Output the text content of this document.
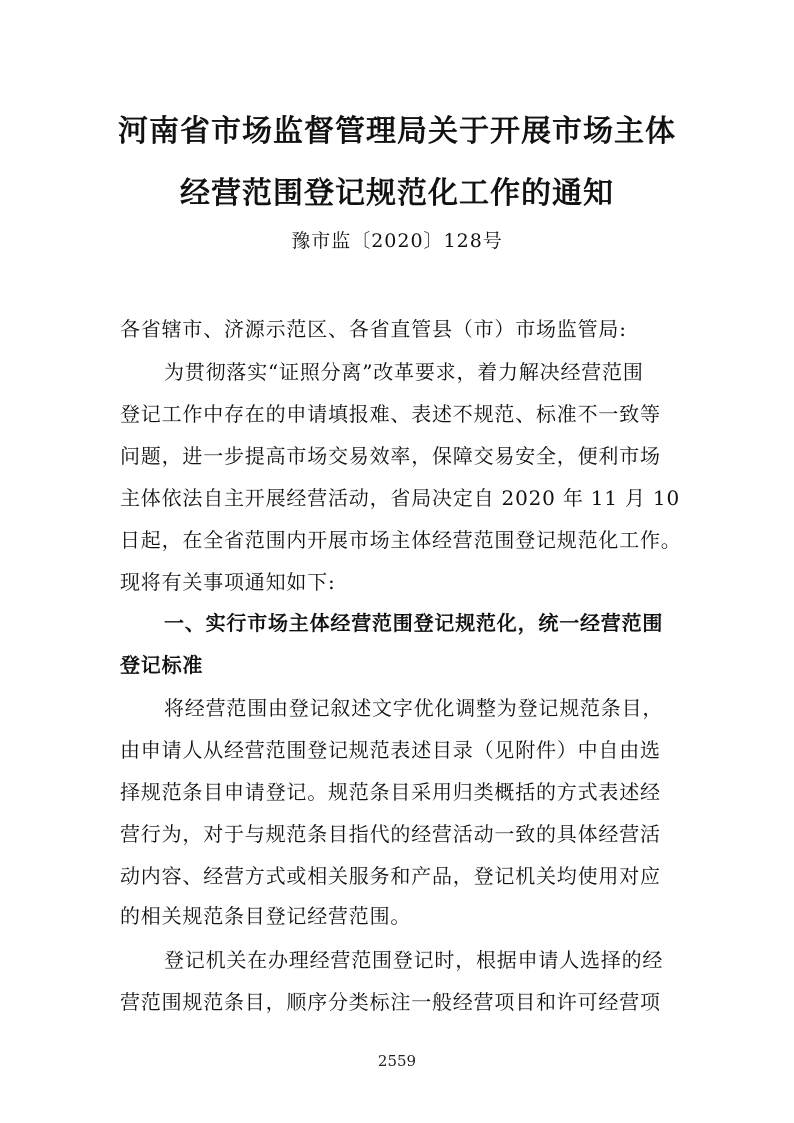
河南省市场监督管理局关于开展市场主体
经营范围登记规范化工作的通知
豫市监〔2020〕128号
各省辖市、济源示范区、各省直管县（市）市场监管局:
为贯彻落实“证照分离”改革要求，着力解决经营范围
登记工作中存在的申请填报难、表述不规范、标准不一致等
问题，进一步提高市场交易效率，保障交易安全，便利市场
主体依法自主开展经营活动，省局决定自 2020 年 11 月 10
日起，在全省范围内开展市场主体经营范围登记规范化工作。
现将有关事项通知如下:
一、实行市场主体经营范围登记规范化，统一经营范围
登记标准
将经营范围由登记叙述文字优化调整为登记规范条目，
由申请人从经营范围登记规范表述目录（见附件）中自由选
择规范条目申请登记。规范条目采用归类概括的方式表述经
营行为，对于与规范条目指代的经营活动一致的具体经营活
动内容、经营方式或相关服务和产品，登记机关均使用对应
的相关规范条目登记经营范围。
登记机关在办理经营范围登记时，根据申请人选择的经
营范围规范条目，顺序分类标注一般经营项目和许可经营项
2559
